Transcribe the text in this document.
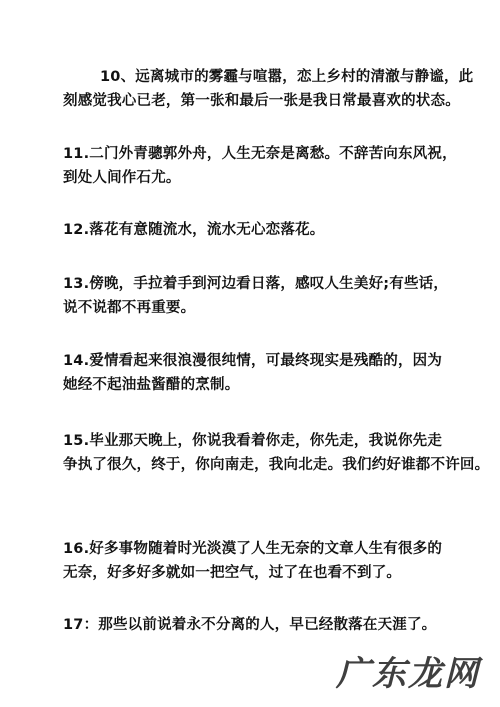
10、远离城市的雾霾与喧嚣，恋上乡村的清澈与静谧，此
刻感觉我心已老，第一张和最后一张是我日常最喜欢的状态。

11.二门外青骢郭外舟，人生无奈是离愁。不辞苦向东风祝，
到处人间作石尤。

12.落花有意随流水，流水无心恋落花。

13.傍晚，手拉着手到河边看日落，感叹人生美好;有些话，
说不说都不再重要。

14.爱情看起来很浪漫很纯情，可最终现实是残酷的，因为
她经不起油盐酱醋的烹制。

15.毕业那天晚上，你说我看着你走，你先走，我说你先走
争执了很久，终于，你向南走，我向北走。我们约好谁都不许回。

16.好多事物随着时光淡漠了人生无奈的文章人生有很多的
无奈，好多好多就如一把空气，过了在也看不到了。

17：那些以前说着永不分离的人，早已经散落在天涯了。

广东龙网
